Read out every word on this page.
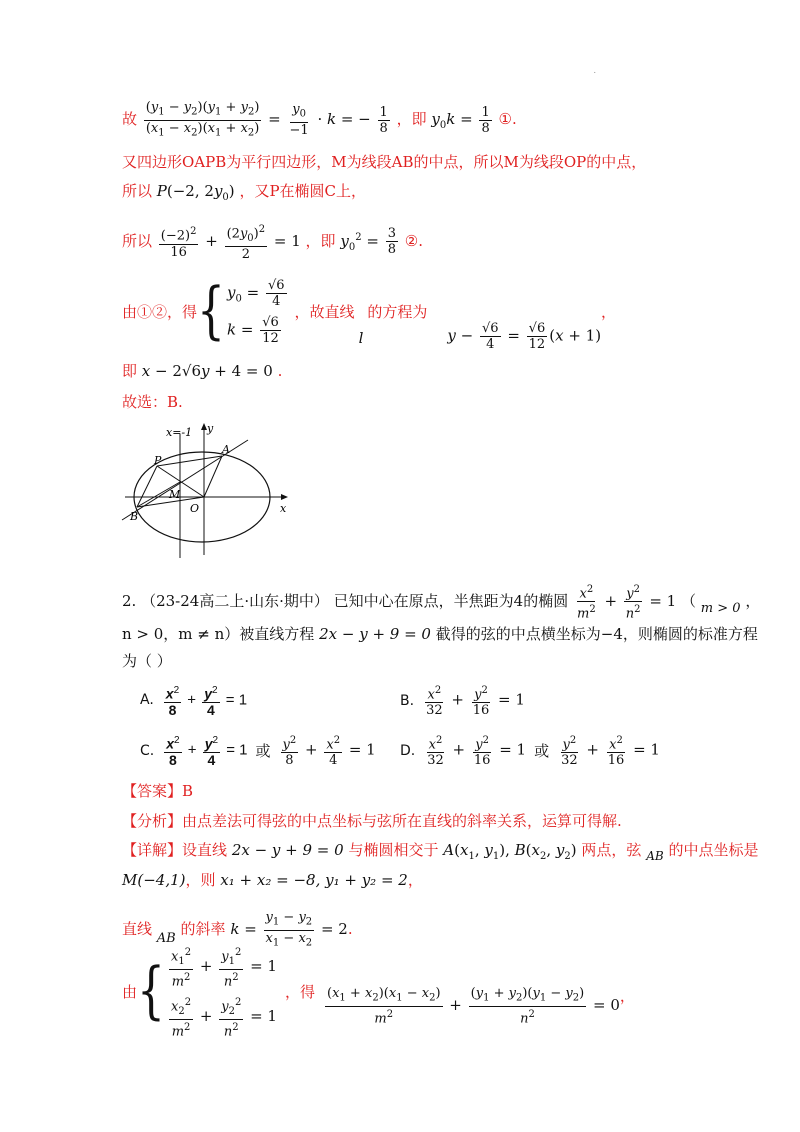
.
故 $\frac{(y_1 - y_2)(y_1 + y_2)}{(x_1 - x_2)(x_1 + x_2)} = \frac{y_0}{-1} \cdot k$ = − $\frac{1}{8}$ ，即 $y_0k = \frac{1}{8}$ ①.
又四边形OAPB为平行四边形，M为线段AB的中点，所以M为线段OP的中点，
所以 P(−2, $2y_0$) ，又P在椭圆C上，
所以 $\frac{(-2)^2}{16} + \frac{(2y_0)^2}{2} = 1$ ，即 $y_0^2 = \frac{3}{8}$ ②.
由①②，得 { $y_0 = \frac{√6}{4}$
$k = \frac{√6}{12}$
，故直线
l
的方程为
$y - \frac{√6}{4} = \frac{√6}{12} (x + 1)$
，
即 x − 2√6y + 4 = 0 .
故选：B.
x=-1 y
x
A
P
M
O
B
2. （23-24高二上·山东·期中） 已知中心在原点，半焦距为4的椭圆 $\frac{x^2}{m^2} + \frac{y^2}{n^2} = 1$ （ m > 0 ，
n > 0，m ≠ n）被直线方程 2x − y + 9 = 0 截得的弦的中点横坐标为−4，则椭圆的标准方程
为（ ）
A. $\frac{x^2}{8} + \frac{y^2}{4} = 1$	B. $\frac{x^2}{32} + \frac{y^2}{16} = 1$
C. $\frac{x^2}{8} + \frac{y^2}{4} = 1$ 或 $\frac{y^2}{8} + \frac{x^2}{4} = 1$ D. $\frac{x^2}{32} + \frac{y^2}{16} = 1$ 或 $\frac{y^2}{32} + \frac{x^2}{16} = 1$
【答案】B
【分析】由点差法可得弦的中点坐标与弦所在直线的斜率关系，运算可得解.
【详解】设直线 2x − y + 9 = 0 与椭圆相交于 $A(x_1$, $y_1$), $B(x_2$, $y_2$) 两点，弦 $_{AB}$ 的中点坐标是
M(−4,1)，则 x₁ + x₂ = −8, y₁ + y₂ = 2，
直线 AB 的斜率 $k = \frac{y_1 - y_2}{x_1 - x_2} = 2$.
由 { $\frac{x_1^2}{m^2} + \frac{y_1^2}{n^2} = 1$
$\frac{x_2^2}{m^2} + \frac{y_2^2}{n^2} = 1$
，得 $\frac{(x_1 + x_2)(x_1 - x_2)}{m^2} + \frac{(y_1 + y_2)(y_1 - y_2)}{n^2} = 0$ ，
